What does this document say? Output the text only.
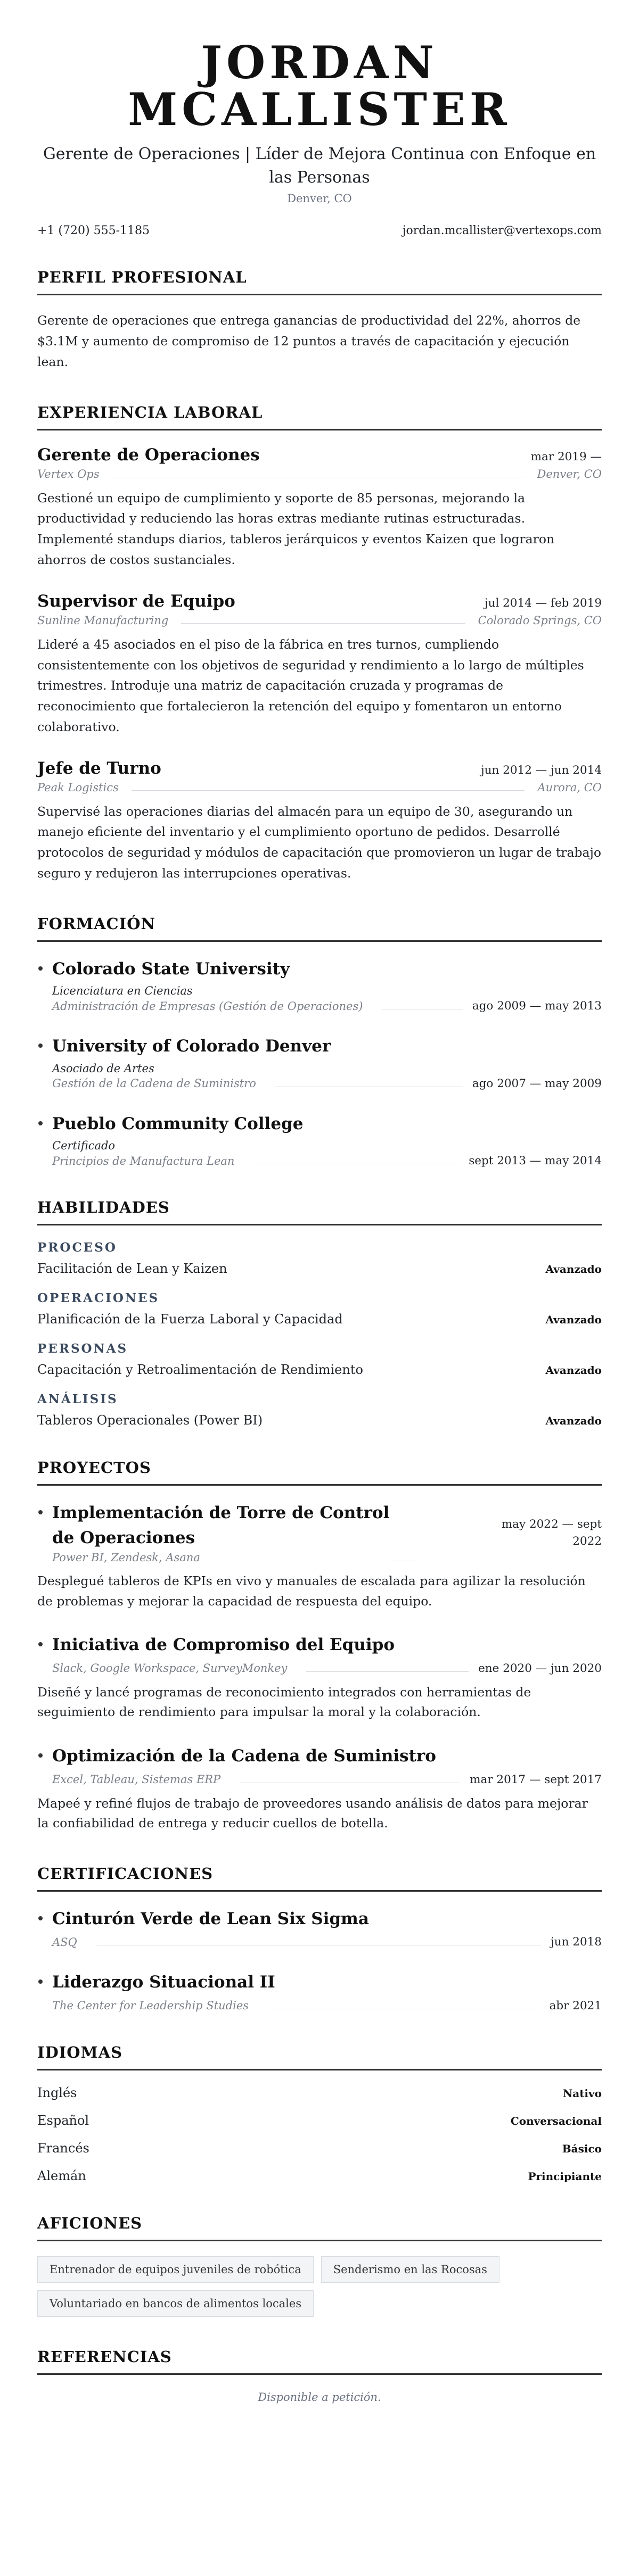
JORDAN MCALLISTER
Gerente de Operaciones | Líder de Mejora Continua con Enfoque en las Personas
Denver, CO
+1 (720) 555-1185	jordan.mcallister@vertexops.com
PERFIL PROFESIONAL

Gerente de operaciones que entrega ganancias de productividad del 22%, ahorros de $3.1M y aumento de compromiso de 12 puntos a través de capacitación y ejecución lean.

EXPERIENCIA LABORAL
Gerente de Operaciones	mar 2019 —
Vertex Ops	Denver, CO

Gestioné un equipo de cumplimiento y soporte de 85 personas, mejorando la productividad y reduciendo las horas extras mediante rutinas estructuradas. Implementé standups diarios, tableros jerárquicos y eventos Kaizen que lograron ahorros de costos sustanciales.

Supervisor de Equipo	jul 2014 — feb 2019
Sunline Manufacturing	Colorado Springs, CO

Lideré a 45 asociados en el piso de la fábrica en tres turnos, cumpliendo consistentemente con los objetivos de seguridad y rendimiento a lo largo de múltiples trimestres. Introduje una matriz de capacitación cruzada y programas de reconocimiento que fortalecieron la retención del equipo y fomentaron un entorno colaborativo.

Jefe de Turno	jun 2012 — jun 2014
Peak Logistics	Aurora, CO

Supervisé las operaciones diarias del almacén para un equipo de 30, asegurando un manejo eficiente del inventario y el cumplimiento oportuno de pedidos. Desarrollé protocolos de seguridad y módulos de capacitación que promovieron un lugar de trabajo seguro y redujeron las interrupciones operativas.

FORMACIÓN
Colorado State University
Licenciatura en Ciencias
Administración de Empresas (Gestión de Operaciones)	ago 2009 — may 2013
University of Colorado Denver
Asociado de Artes
Gestión de la Cadena de Suministro	ago 2007 — may 2009
Pueblo Community College
Certificado
Principios de Manufactura Lean	sept 2013 — may 2014
HABILIDADES
PROCESO
Facilitación de Lean y Kaizen	Avanzado
OPERACIONES
Planificación de la Fuerza Laboral y Capacidad	Avanzado
PERSONAS
Capacitación y Retroalimentación de Rendimiento	Avanzado
ANÁLISIS
Tableros Operacionales (Power BI)	Avanzado
PROYECTOS
Implementación de Torre de Control de Operaciones
may 2022 — sept 2022
Power BI, Zendesk, Asana

Desplegué tableros de KPIs en vivo y manuales de escalada para agilizar la resolución de problemas y mejorar la capacidad de respuesta del equipo.

Iniciativa de Compromiso del Equipo
Slack, Google Workspace, SurveyMonkey	ene 2020 — jun 2020

Diseñé y lancé programas de reconocimiento integrados con herramientas de seguimiento de rendimiento para impulsar la moral y la colaboración.

Optimización de la Cadena de Suministro
Excel, Tableau, Sistemas ERP	mar 2017 — sept 2017

Mapeé y refiné flujos de trabajo de proveedores usando análisis de datos para mejorar la confiabilidad de entrega y reducir cuellos de botella.

CERTIFICACIONES
Cinturón Verde de Lean Six Sigma
ASQ	jun 2018
Liderazgo Situacional II
The Center for Leadership Studies	abr 2021
IDIOMAS
Inglés	Nativo
Español	Conversacional
Francés	Básico
Alemán	Principiante
AFICIONES
Entrenador de equipos juveniles de robótica	Senderismo en las Rocosas
Voluntariado en bancos de alimentos locales
REFERENCIAS
Disponible a petición.
